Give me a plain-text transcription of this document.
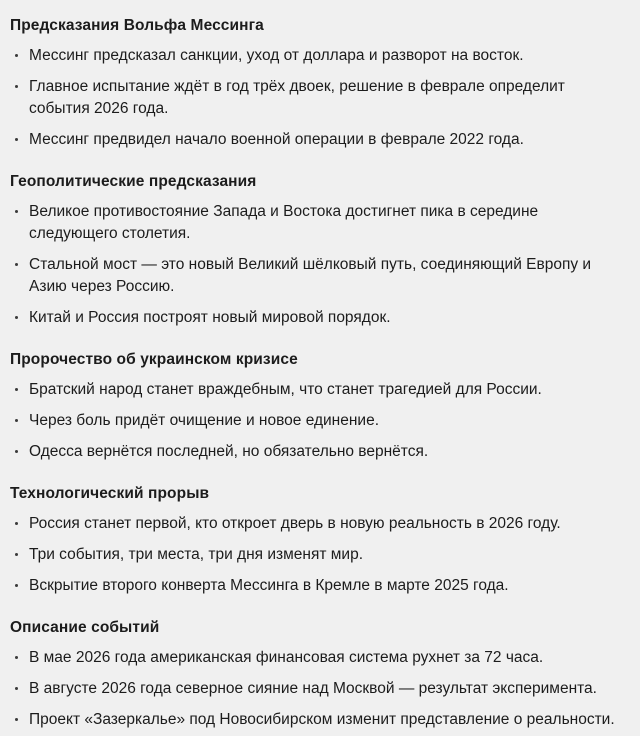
Предсказания Вольфа Мессинга
Мессинг предсказал санкции, уход от доллара и разворот на восток.
Главное испытание ждёт в год трёх двоек, решение в феврале определит события 2026 года.
Мессинг предвидел начало военной операции в феврале 2022 года.
Геополитические предсказания
Великое противостояние Запада и Востока достигнет пика в середине следующего столетия.
Стальной мост — это новый Великий шёлковый путь, соединяющий Европу и Азию через Россию.
Китай и Россия построят новый мировой порядок.
Пророчество об украинском кризисе
Братский народ станет враждебным, что станет трагедией для России.
Через боль придёт очищение и новое единение.
Одесса вернётся последней, но обязательно вернётся.
Технологический прорыв
Россия станет первой, кто откроет дверь в новую реальность в 2026 году.
Три события, три места, три дня изменят мир.
Вскрытие второго конверта Мессинга в Кремле в марте 2025 года.
Описание событий
В мае 2026 года американская финансовая система рухнет за 72 часа.
В августе 2026 года северное сияние над Москвой — результат эксперимента.
Проект «Зазеркалье» под Новосибирском изменит представление о реальности.
